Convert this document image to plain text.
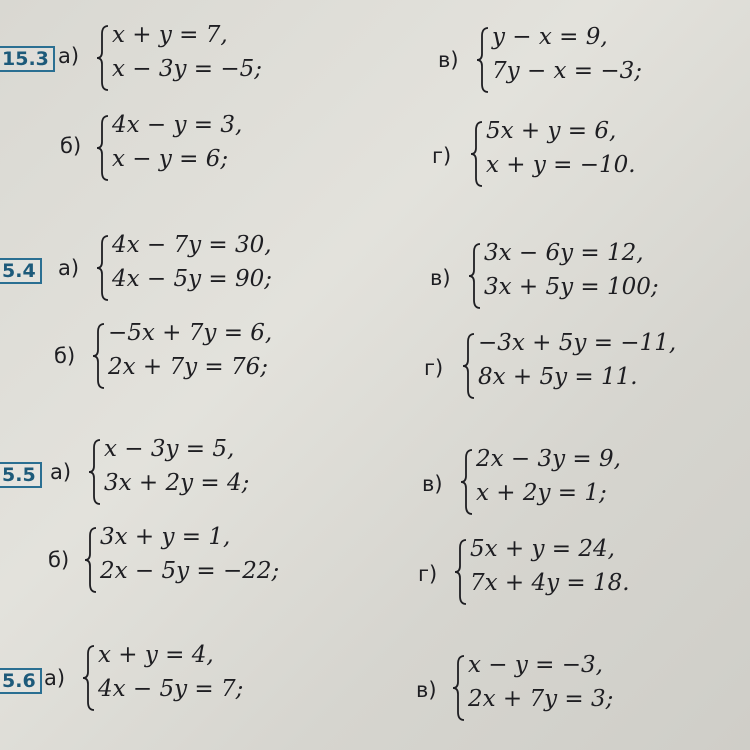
15.3 а)
x + y = 7,
x − 3y = −5;
б)
4x − y = 3,
x − y = 6;
в)
y − x = 9,
7y − x = −3;
г)
5x + y = 6,
x + y = −10.
5.4 а)
4x − 7y = 30,
4x − 5y = 90;
б)
−5x + 7y = 6,
2x + 7y = 76;
в)
3x − 6y = 12,
3x + 5y = 100;
г)
−3x + 5y = −11,
8x + 5y = 11.
5.5 а)
x − 3y = 5,
3x + 2y = 4;
б)
3x + y = 1,
2x − 5y = −22;
в)
2x − 3y = 9,
x + 2y = 1;
г)
5x + y = 24,
7x + 4y = 18.
5.6 а)
x + y = 4,
4x − 5y = 7;	в)
x − y = −3,
2x + 7y = 3;
